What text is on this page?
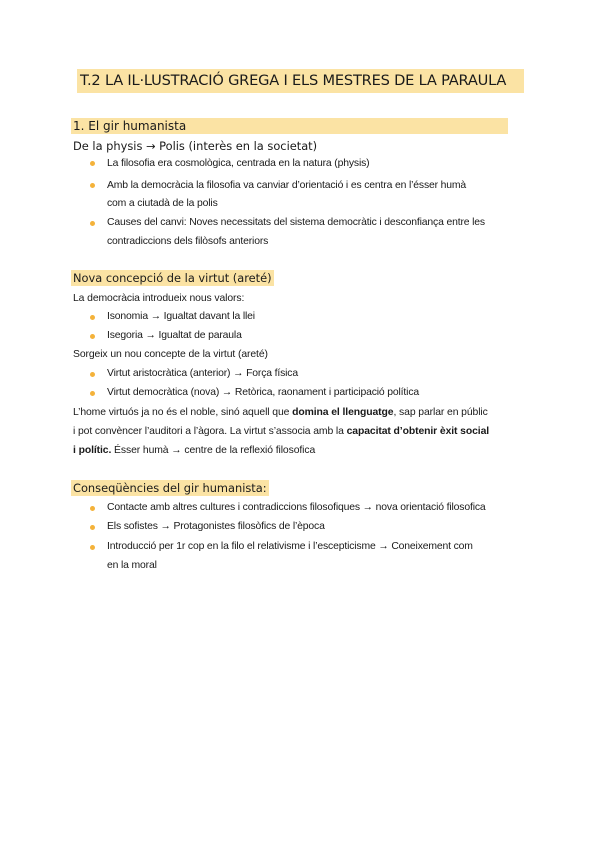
T.2 LA IL·LUSTRACIÓ GREGA I ELS MESTRES DE LA PARAULA
1. El gir humanista
De la physis → Polis (interès en la societat)
La filosofia era cosmològica, centrada en la natura (physis)
Amb la democràcia la filosofia va canviar d’orientació i es centra en l’ésser humà
com a ciutadà de la polis
Causes del canvi: Noves necessitats del sistema democràtic i desconfiança entre les
contradiccions dels filòsofs anteriors
Nova concepció de la virtut (areté)
La democràcia introdueix nous valors:
Isonomia → Igualtat davant la llei
Isegoria → Igualtat de paraula
Sorgeix un nou concepte de la virtut (areté)
Virtut aristocràtica (anterior) → Força física
Virtut democràtica (nova) → Retòrica, raonament i participació política
L’home virtuós ja no és el noble, sinó aquell que domina el llenguatge, sap parlar en públic
i pot convèncer l’auditori a l’àgora. La virtut s’associa amb la capacitat d’obtenir èxit social
i polític. Ésser humà → centre de la reflexió filosofica
Conseqüències del gir humanista:
Contacte amb altres cultures i contradiccions filosofiques → nova orientació filosofica
Els sofistes → Protagonistes filosòfics de l’època
Introducció per 1r cop en la filo el relativisme i l’escepticisme → Coneixement com
en la moral
